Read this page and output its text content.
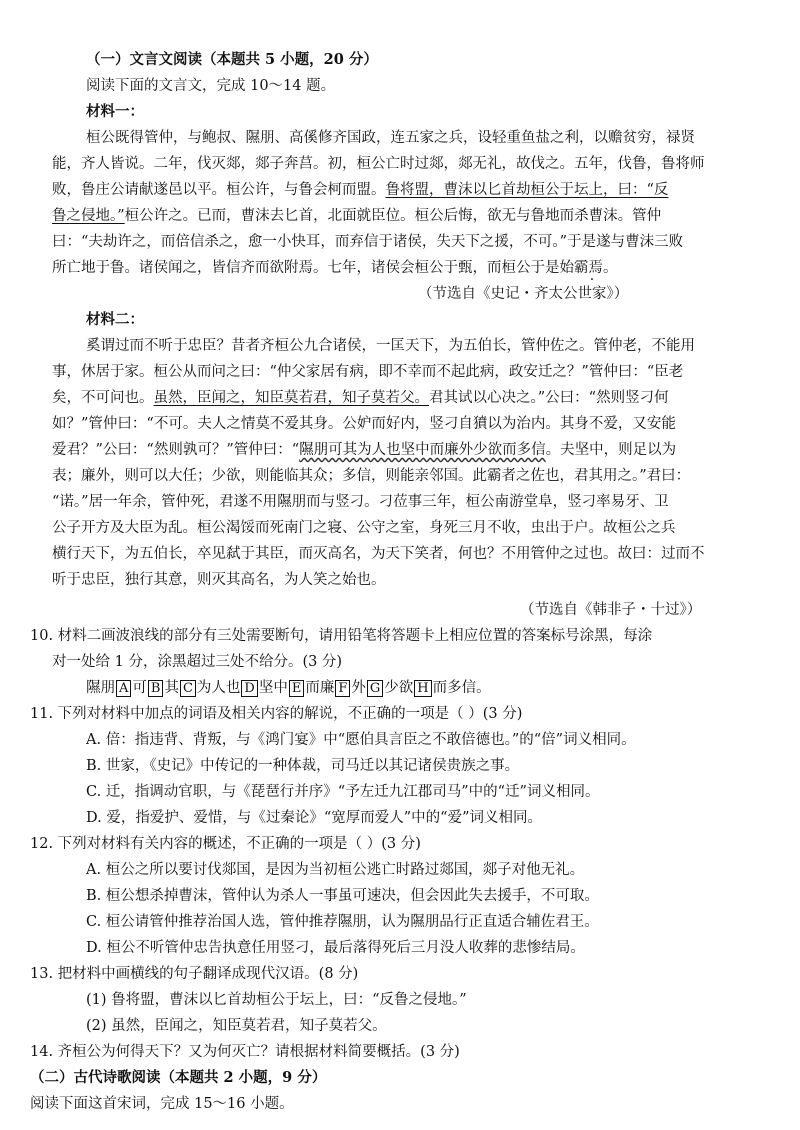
（一）文言文阅读（本题共 5 小题，20 分）
阅读下面的文言文，完成 10～14 题。
材料一：
桓公既得管仲，与鲍叔、隰朋、高傒修齐国政，连五家之兵，设轻重鱼盐之利，以赡贫穷，禄贤
能，齐人皆说。二年，伐灭郯，郯子奔莒。初，桓公亡时过郯，郯无礼，故伐之。五年，伐鲁，鲁将师
败，鲁庄公请献遂邑以平。桓公许，与鲁会柯而盟。鲁将盟，曹沫以匕首劫桓公于坛上，曰：“反
鲁之侵地。”桓公许之。已而，曹沫去匕首，北面就臣位。桓公后悔，欲无与鲁地而杀曹沫。管仲
曰：“夫劫许之，而倍信杀之，愈一小快耳，而弃信于诸侯，失天下之援，不可。”于是遂与曹沫三败
所亡地于鲁。诸侯闻之，皆信齐而欲附焉。七年，诸侯会桓公于甄，而桓公于是始霸焉。
（节选自《史记・齐太公世家》）
材料二：
奚谓过而不听于忠臣？昔者齐桓公九合诸侯，一匡天下，为五伯长，管仲佐之。管仲老，不能用
事，休居于家。桓公从而问之曰：“仲父家居有病，即不幸而不起此病，政安迁之？”管仲曰：“臣老
矣，不可问也。虽然，臣闻之，知臣莫若君，知子莫若父。君其试以心决之。”公曰：“然则竖刁何
如？”管仲曰：“不可。夫人之情莫不爱其身。公妒而好内，竖刁自獖以为治内。其身不爱，又安能
爱君？”公曰：“然则孰可？”管仲曰：“隰朋可其为人也坚中而廉外少欲而多信。夫坚中，则足以为
表；廉外，则可以大任；少欲，则能临其众；多信，则能亲邻国。此霸者之佐也，君其用之。”君曰：
“诺。”居一年余，管仲死，君遂不用隰朋而与竖刁。刁莅事三年，桓公南游堂阜，竖刁率易牙、卫
公子开方及大臣为乱。桓公渴馁而死南门之寝、公守之室，身死三月不收，虫出于户。故桓公之兵
横行天下，为五伯长，卒见弑于其臣，而灭高名，为天下笑者，何也？不用管仲之过也。故曰：过而不
听于忠臣，独行其意，则灭其高名，为人笑之始也。
（节选自《韩非子・十过》）
10. 材料二画波浪线的部分有三处需要断句，请用铅笔将答题卡上相应位置的答案标号涂黑，每涂
对一处给 1 分，涂黑超过三处不给分。(3 分)
隰朋 A 可 B 其 C 为人也 D 坚中 E 而廉 F 外 G 少欲 H 而多信。
11. 下列对材料中加点的词语及相关内容的解说，不正确的一项是（ ）(3 分)
A. 倍：指违背、背叛，与《鸿门宴》中“愿伯具言臣之不敢倍德也。”的“倍”词义相同。
B. 世家，《史记》中传记的一种体裁，司马迁以其记诸侯贵族之事。
C. 迁，指调动官职，与《琵琶行并序》“予左迁九江郡司马”中的“迁”词义相同。
D. 爱，指爱护、爱惜，与《过秦论》“宽厚而爱人”中的“爱”词义相同。
12. 下列对材料有关内容的概述，不正确的一项是（ ）(3 分)
A. 桓公之所以要讨伐郯国，是因为当初桓公逃亡时路过郯国，郯子对他无礼。
B. 桓公想杀掉曹沫，管仲认为杀人一事虽可速决，但会因此失去援手，不可取。
C. 桓公请管仲推荐治国人选，管仲推荐隰朋，认为隰朋品行正直适合辅佐君王。
D. 桓公不听管仲忠告执意任用竖刁，最后落得死后三月没人收葬的悲惨结局。
13. 把材料中画横线的句子翻译成现代汉语。(8 分)
(1) 鲁将盟，曹沫以匕首劫桓公于坛上，曰：“反鲁之侵地。”
(2) 虽然，臣闻之，知臣莫若君，知子莫若父。
14. 齐桓公为何得天下？又为何灭亡？请根据材料简要概括。(3 分)
（二）古代诗歌阅读（本题共 2 小题，9 分）
阅读下面这首宋词，完成 15～16 小题。
